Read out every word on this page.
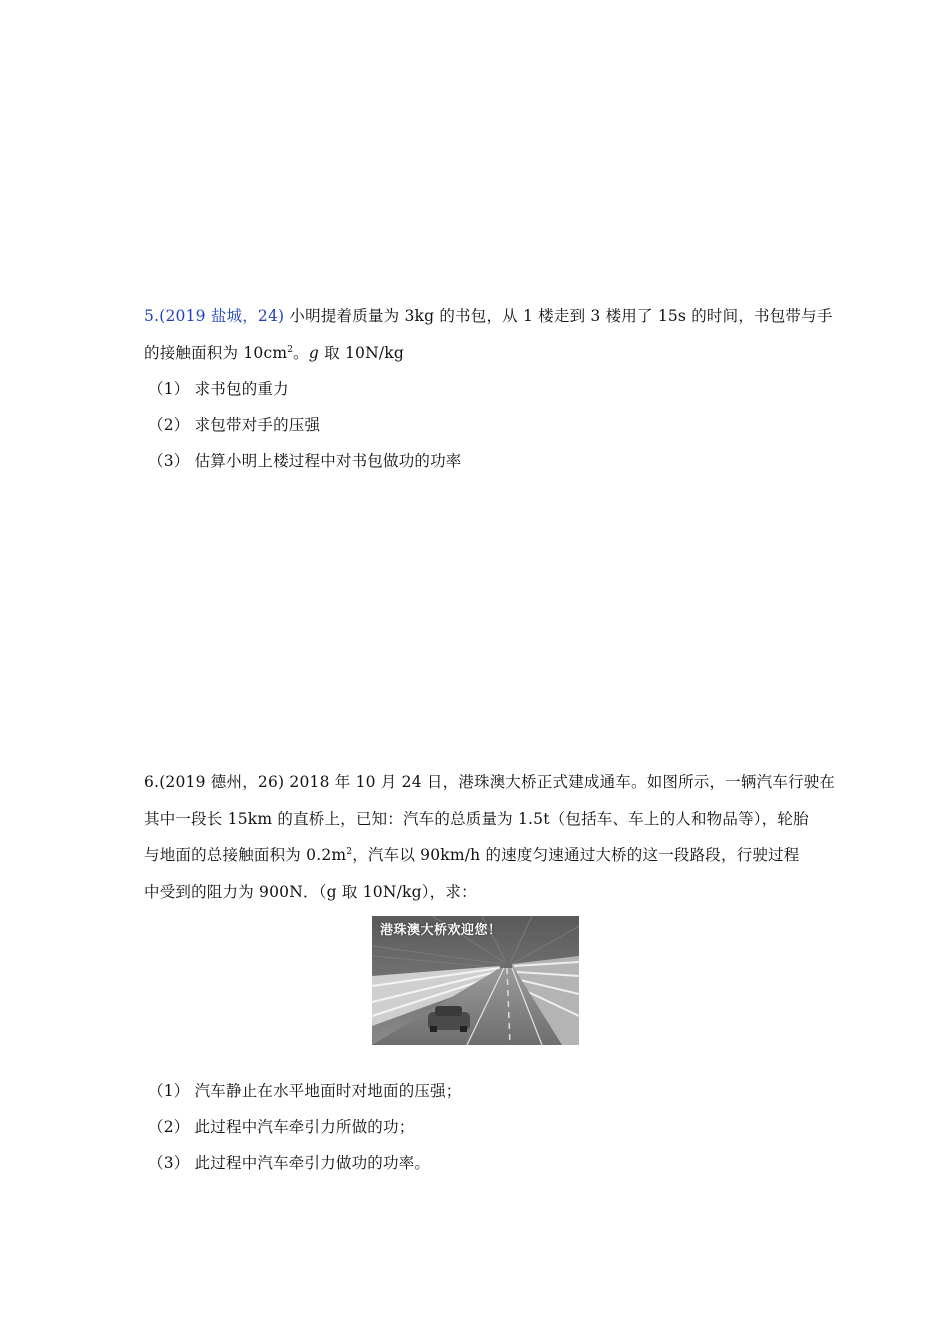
5.(2019 盐城，24) 小明提着质量为 3kg 的书包，从 1 楼走到 3 楼用了 15s 的时间，书包带与手
的接触面积为 $10cm^2$。g 取 10N/kg
（1） 求书包的重力
（2） 求包带对手的压强
（3） 估算小明上楼过程中对书包做功的功率
6.(2019 德州，26) 2018 年 10 月 24 日，港珠澳大桥正式建成通车。如图所示，一辆汽车行驶在
其中一段长 15km 的直桥上，已知：汽车的总质量为 1.5t（包括车、车上的人和物品等），轮胎
与地面的总接触面积为 $0.2m^2$，汽车以 90km/h 的速度匀速通过大桥的这一段路段，行驶过程
中受到的阻力为 900N．（g 取 10N/kg），求：
港珠澳大桥欢迎您！
（1） 汽车静止在水平地面时对地面的压强；
（2） 此过程中汽车牵引力所做的功；
（3） 此过程中汽车牵引力做功的功率。
